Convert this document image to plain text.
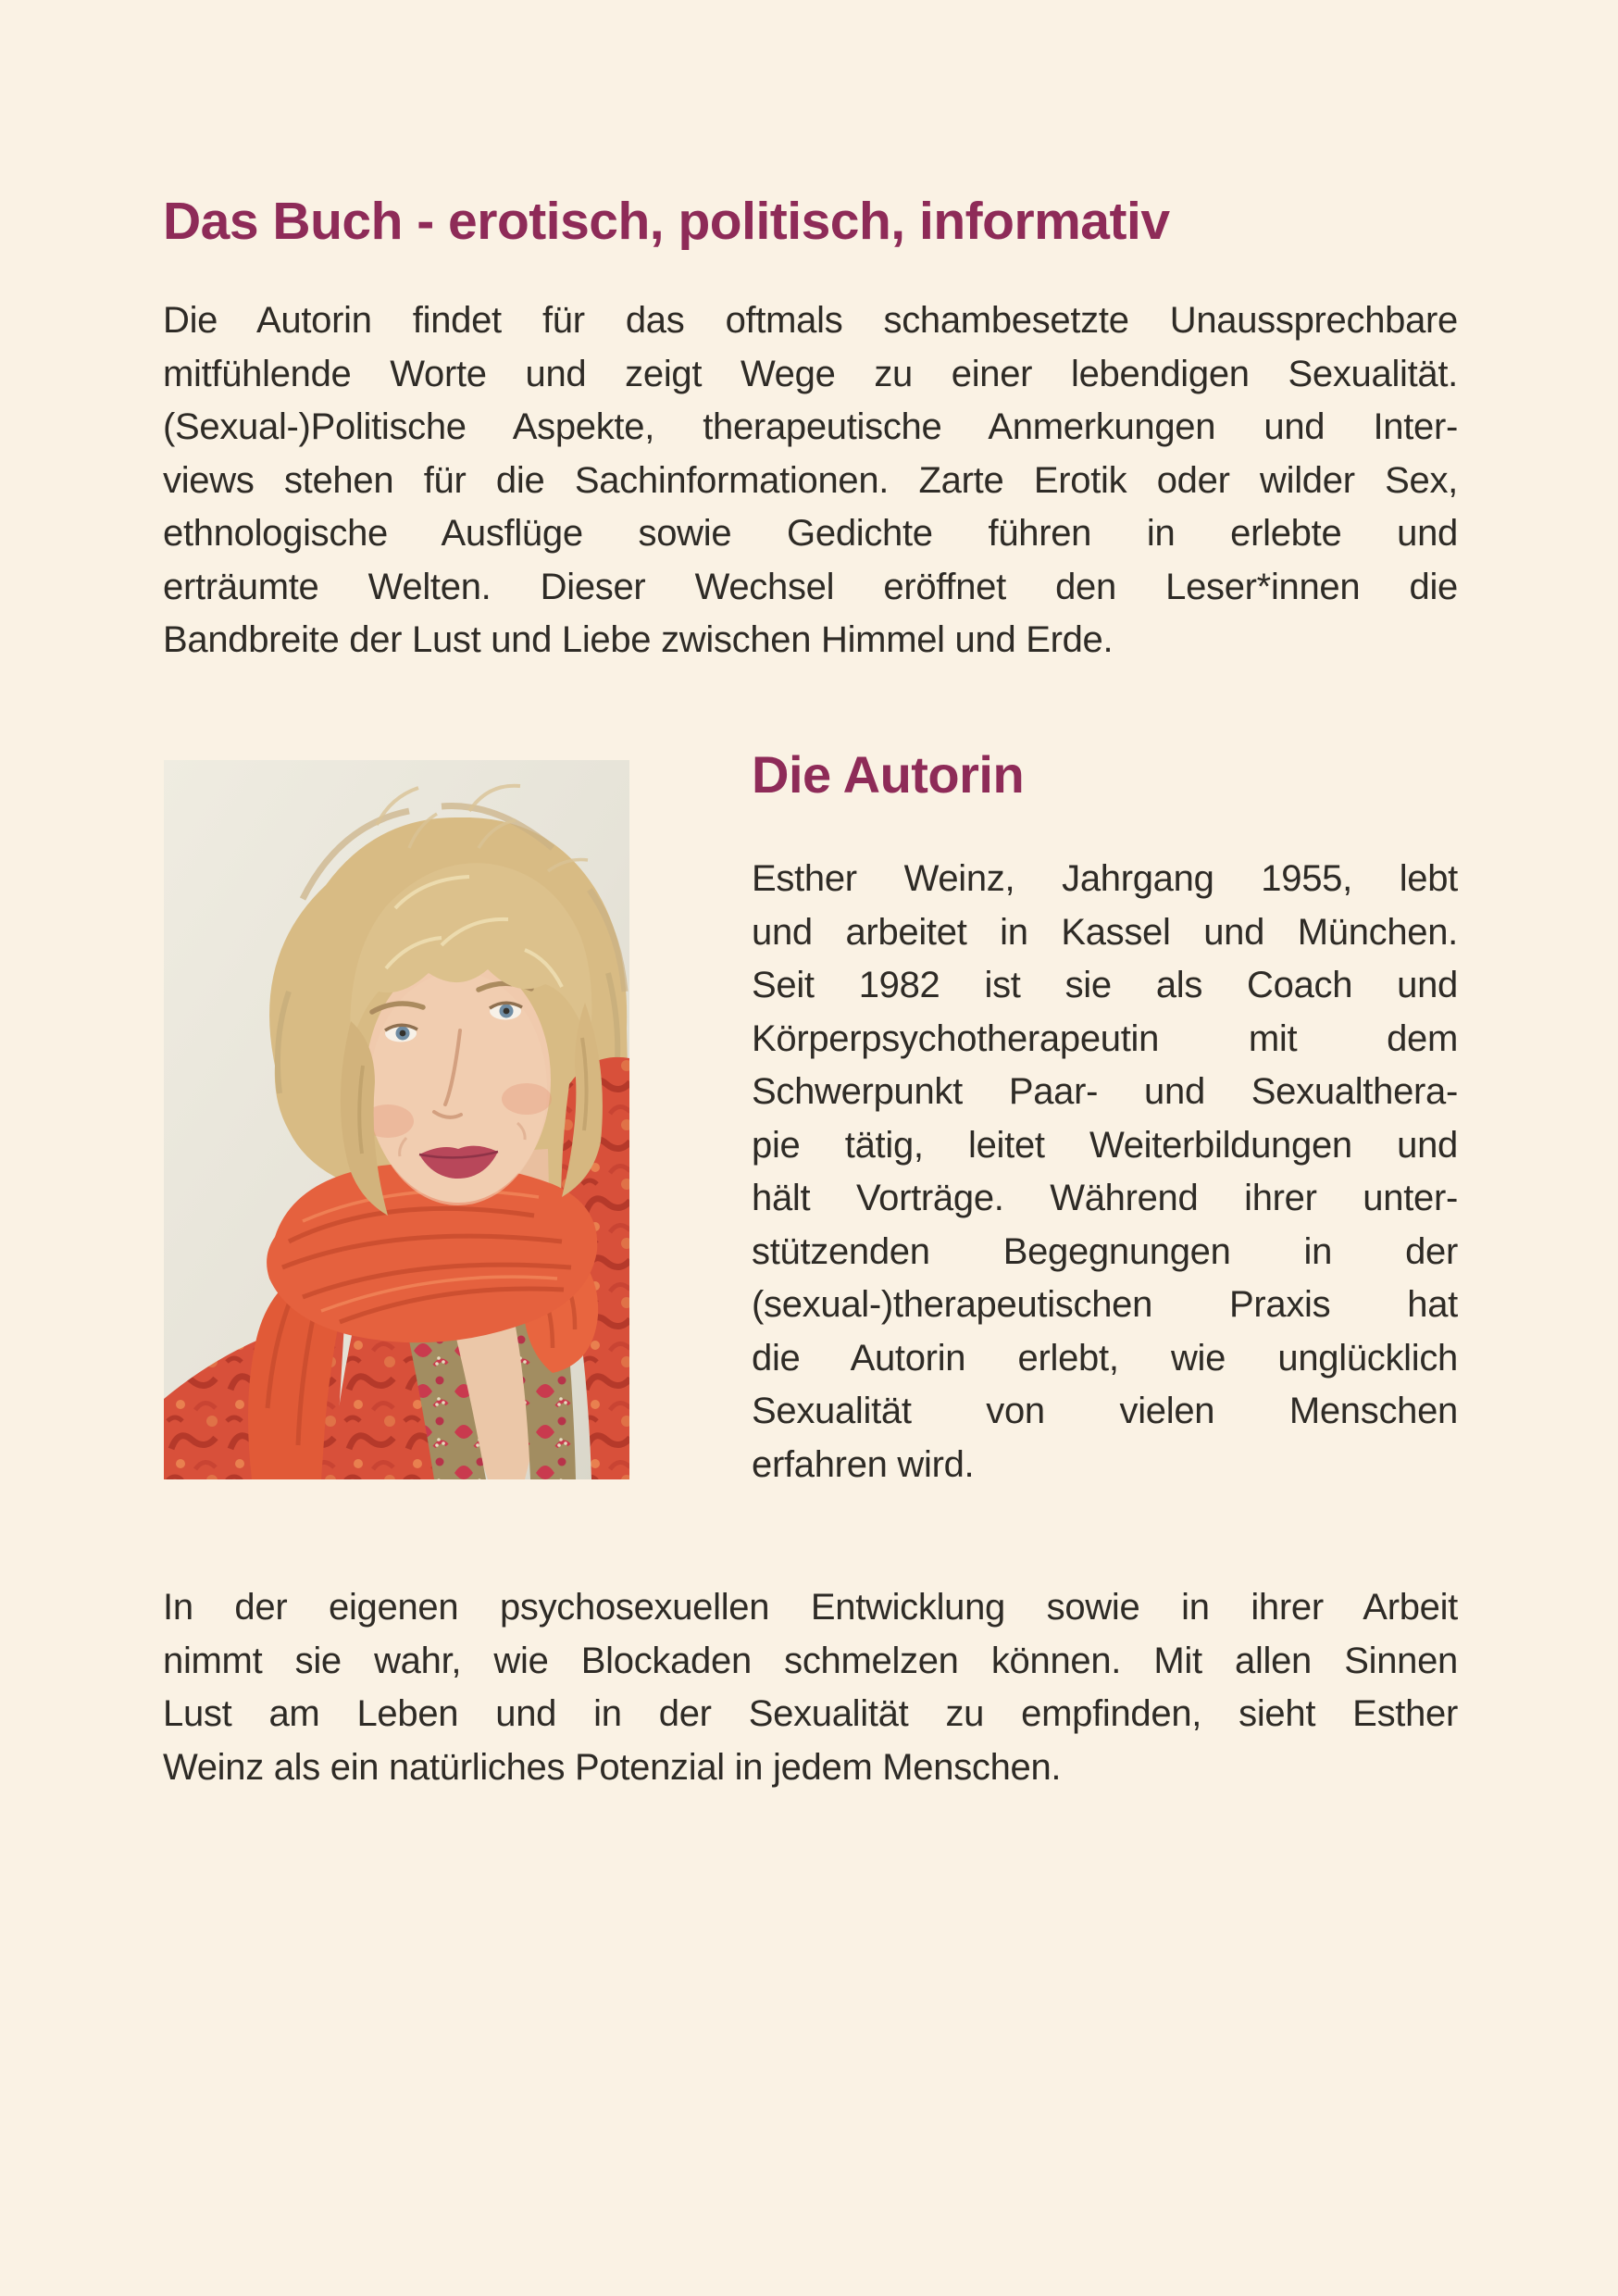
Das Buch - erotisch, politisch, informativ
Die Autorin findet für das oftmals schambesetzte Unaussprechbare
mitfühlende Worte und zeigt Wege zu einer lebendigen Sexualität.
(Sexual-)Politische Aspekte, therapeutische Anmerkungen und Inter-
views stehen für die Sachinformationen. Zarte Erotik oder wilder Sex,
ethnologische Ausflüge sowie Gedichte führen in erlebte und
erträumte Welten. Dieser Wechsel eröffnet den Leser*innen die
Bandbreite der Lust und Liebe zwischen Himmel und Erde.
Die Autorin
Esther Weinz, Jahrgang 1955, lebt
und arbeitet in Kassel und München.
Seit 1982 ist sie als Coach und
Körperpsychotherapeutin mit dem
Schwerpunkt Paar- und Sexualthera-
pie tätig, leitet Weiterbildungen und
hält Vorträge. Während ihrer unter-
stützenden Begegnungen in der
(sexual-)therapeutischen Praxis hat
die Autorin erlebt, wie unglücklich
Sexualität von vielen Menschen
erfahren wird.
In der eigenen psychosexuellen Entwicklung sowie in ihrer Arbeit
nimmt sie wahr, wie Blockaden schmelzen können. Mit allen Sinnen
Lust am Leben und in der Sexualität zu empfinden, sieht Esther
Weinz als ein natürliches Potenzial in jedem Menschen.
